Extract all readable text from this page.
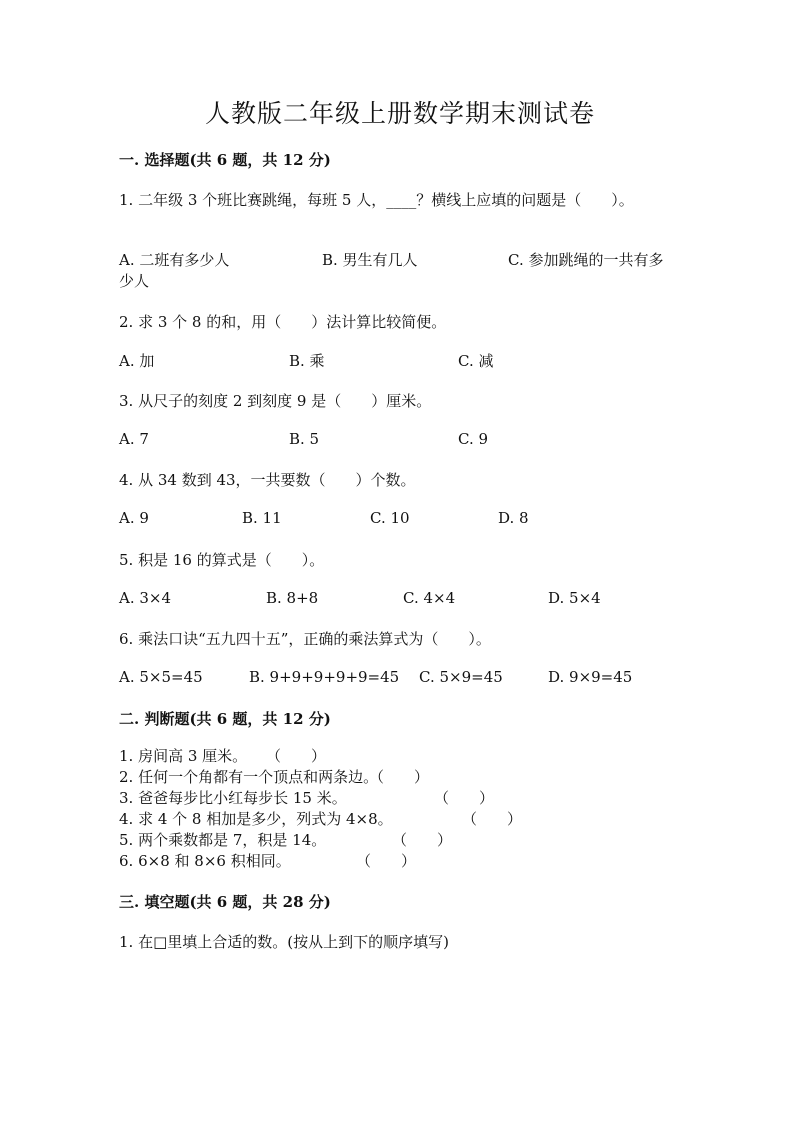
人教版二年级上册数学期末测试卷
一. 选择题(共 6 题，共 12 分)
1. 二年级 3 个班比赛跳绳，每班 5 人，____？横线上应填的问题是（　　）。
A. 二班有多少人	B. 男生有几人	C. 参加跳绳的一共有多
少人
2. 求 3 个 8 的和，用（　　）法计算比较简便。
A. 加	B. 乘	C. 减
3. 从尺子的刻度 2 到刻度 9 是（　　）厘米。
A. 7	B. 5	C. 9
4. 从 34 数到 43，一共要数（　　）个数。
A. 9	B. 11	C. 10	D. 8
5. 积是 16 的算式是（　　）。
A. 3×4	B. 8+8	C. 4×4	D. 5×4
6. 乘法口诀“五九四十五”，正确的乘法算式为（　　）。
A. 5×5=45	B. 9+9+9+9+9=45 C. 5×9=45	D. 9×9=45
二. 判断题(共 6 题，共 12 分)
1. 房间高 3 厘米。 （　　）
2. 任何一个角都有一个顶点和两条边。
（　　）
3. 爸爸每步比小红每步长 15 米。	（　　）
4. 求 4 个 8 相加是多少，列式为 4×8。	（　　）
5. 两个乘数都是 7，积是 14。	（　　）
6. 6×8 和 8×6 积相同。	（　　）
三. 填空题(共 6 题，共 28 分)
1. 在□里填上合适的数。(按从上到下的顺序填写)
